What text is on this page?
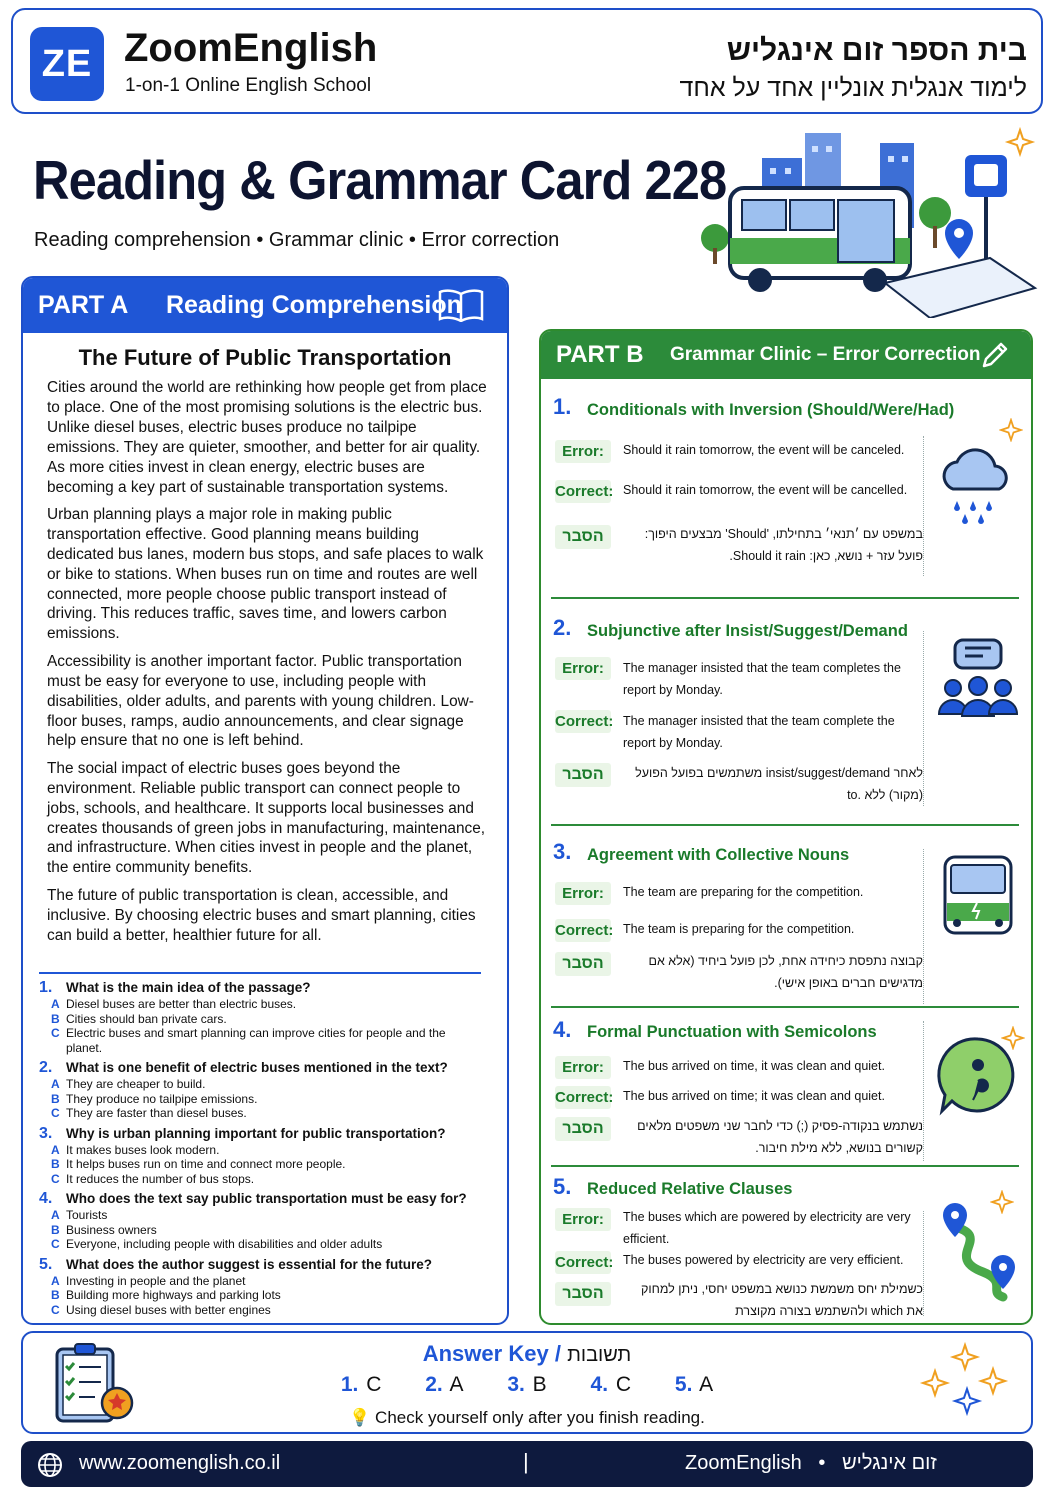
ZE ZoomEnglish
1-on-1 Online English School
בית הספר זום אינגליש
לימוד אנגלית אונליין אחד על אחד
Reading & Grammar Card 228
Reading comprehension • Grammar clinic • Error correction
PART A	Reading Comprehension
The Future of Public Transportation

Cities around the world are rethinking how people get from place to place. One of the most promising solutions is the electric bus. Unlike diesel buses, electric buses produce no tailpipe emissions. They are quieter, smoother, and better for air quality. As more cities invest in clean energy, electric buses are becoming a key part of sustainable transportation systems.

Urban planning plays a major role in making public transportation effective. Good planning means building dedicated bus lanes, modern bus stops, and safe places to walk or bike to stations. When buses run on time and routes are well connected, more people choose public transport instead of driving. This reduces traffic, saves time, and lowers carbon emissions.

Accessibility is another important factor. Public transportation must be easy for everyone to use, including people with disabilities, older adults, and parents with young children. Low-floor buses, ramps, audio announcements, and clear signage help ensure that no one is left behind.

The social impact of electric buses goes beyond the environment. Reliable public transport can connect people to jobs, schools, and healthcare. It supports local businesses and creates thousands of green jobs in manufacturing, maintenance, and infrastructure. When cities invest in people and the planet, the entire community benefits.

The future of public transportation is clean, accessible, and inclusive. By choosing electric buses and smart planning, cities can build a better, healthier future for all.

1.	What is the main idea of the passage?
A Diesel buses are better than electric buses.
B Cities should ban private cars.
C Electric buses and smart planning can improve cities for people and the planet.
2.	What is one benefit of electric buses mentioned in the text?
A They are cheaper to build.
B They produce no tailpipe emissions.
C They are faster than diesel buses.
3.	Why is urban planning important for public transportation?
A It makes buses look modern.
B It helps buses run on time and connect more people.
C It reduces the number of bus stops.
4.	Who does the text say public transportation must be easy for?
A Tourists
B Business owners
C Everyone, including people with disabilities and older adults
5.	What does the author suggest is essential for the future?
A Investing in people and the planet
B Building more highways and parking lots
C Using diesel buses with better engines
PART B	Grammar Clinic – Error Correction
1. Conditionals with Inversion (Should/Were/Had)
Error:	Should it rain tomorrow, the event will be canceled.
Correct: Should it rain tomorrow, the event will be cancelled.
הסבר	במשפט עם ׳תנאי׳ בתחילתו, 'Should' מבצעים היפוך: פועל עזר + נושא, כאן: Should it rain.
2. Subjunctive after Insist/Suggest/Demand
Error:	The manager insisted that the team completes the report by Monday.
Correct: The manager insisted that the team complete the report by Monday.
הסבר	לאחר insist/suggest/demand משתמשים בפועל הפועל (מקור) ללא .to
3. Agreement with Collective Nouns
Error:	The team are preparing for the competition.
Correct: The team is preparing for the competition.
הסבר	קבוצה נתפסת כיחידה אחת, לכן פועל ביחיד (אלא אם מדגישים חברים באופן אישי).
4. Formal Punctuation with Semicolons
Error:	The bus arrived on time, it was clean and quiet.
Correct: The bus arrived on time; it was clean and quiet.
הסבר	נשתמש בנקודה-פסיק (;) כדי לחבר שני משפטים מלאים קשורים בנושא, ללא מילת חיבור.
5. Reduced Relative Clauses
Error:	The buses which are powered by electricity are very efficient.
Correct: The buses powered by electricity are very efficient.
הסבר	כשמילת יחס משמשת כנושא במשפט יחסי, ניתן למחוק את which ולהשתמש בצורה מקוצרת
Answer Key / תשובות
1. C 2. A 3. B 4. C 5. A
💡 Check yourself only after you finish reading.
www.zoomenglish.co.il	|	ZoomEnglish • זום אינגליש
